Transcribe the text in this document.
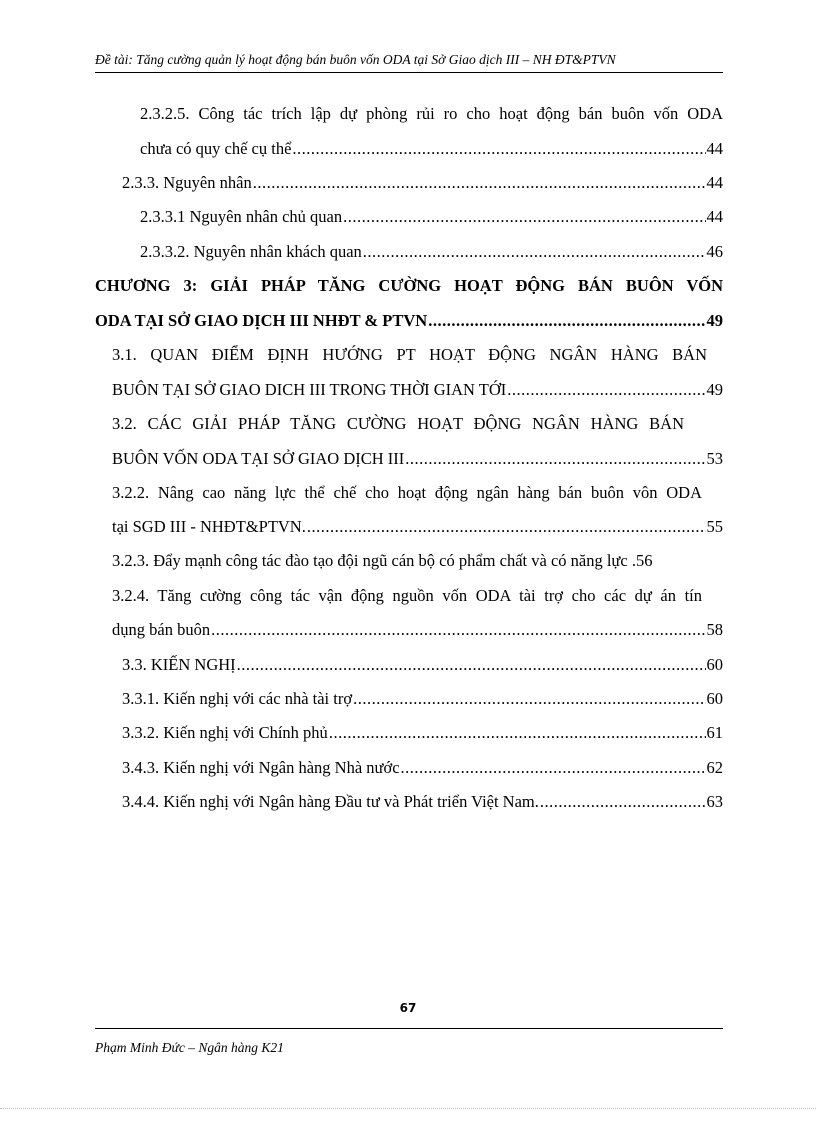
Đề tài: Tăng cường quản lý hoạt động bán buôn vốn ODA tại Sở Giao dịch III – NH ĐT&PTVN
2.3.2.5. Công tác trích lập dự phòng rủi ro cho hoạt động bán buôn vốn ODA
chưa có quy chế cụ thể .....	44
2.3.3. Nguyên nhân .....	44
2.3.3.1 Nguyên nhân chủ quan .....	44
2.3.3.2. Nguyên nhân khách quan .....	46
CHƯƠNG 3: GIẢI PHÁP TĂNG CƯỜNG HOẠT ĐỘNG BÁN BUÔN VỐN
ODA TẠI SỞ GIAO DỊCH III NHĐT & PTVN .....	49
3.1. QUAN ĐIỂM ĐỊNH HƯỚNG PT HOẠT ĐỘNG NGÂN HÀNG BÁN
BUÔN TẠI SỞ GIAO DICH III TRONG THỜI GIAN TỚI .....	49
3.2. CÁC GIẢI PHÁP TĂNG CƯỜNG HOẠT ĐỘNG NGÂN HÀNG BÁN
BUÔN VỐN ODA TẠI SỞ GIAO DỊCH III .....	53
3.2.2. Nâng cao năng lực thể chế cho hoạt động ngân hàng bán buôn vôn ODA
tại SGD III - NHĐT&PTVN. .....	55
3.2.3. Đẩy mạnh công tác đào tạo đội ngũ cán bộ có phẩm chất và có năng lực . 56
3.2.4. Tăng cường công tác vận động nguồn vốn ODA tài trợ cho các dự án tín
dụng bán buôn .....	58
3.3. KIẾN NGHỊ .....	60
3.3.1. Kiến nghị với các nhà tài trợ .....	60
3.3.2. Kiến nghị với Chính phủ .....	61
3.4.3. Kiến nghị với Ngân hàng Nhà nước .....	62
3.4.4. Kiến nghị với Ngân hàng Đầu tư và Phát triển Việt Nam. .....	63
67
Phạm Minh Đức – Ngân hàng K21
